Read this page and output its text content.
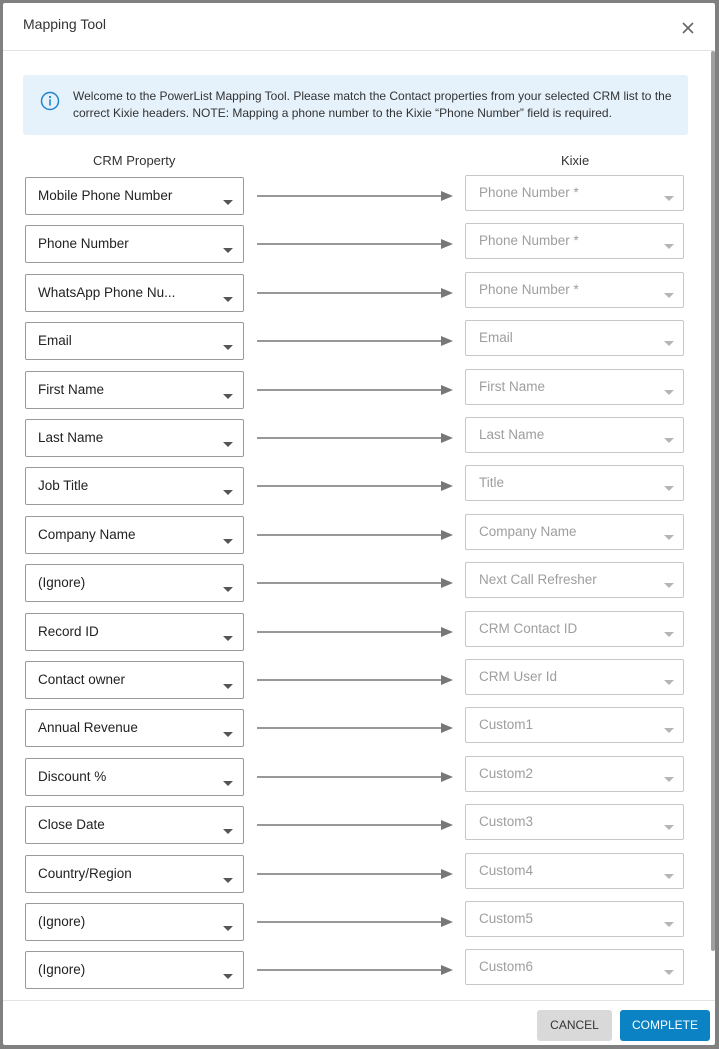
Mapping Tool
Welcome to the PowerList Mapping Tool. Please match the Contact properties from your selected CRM list to the correct Kixie headers. NOTE: Mapping a phone number to the Kixie “Phone Number” field is required.
CRM Property	Kixie
Mobile Phone Number	Phone Number *
Phone Number	Phone Number *
WhatsApp Phone Nu...	Phone Number *
Email	Email
First Name	First Name
Last Name	Last Name
Job Title	Title
Company Name	Company Name
(Ignore)	Next Call Refresher
Record ID	CRM Contact ID
Contact owner	CRM User Id
Annual Revenue	Custom1
Discount %	Custom2
Close Date	Custom3
Country/Region	Custom4
(Ignore)	Custom5
(Ignore)	Custom6
CANCEL	COMPLETE
